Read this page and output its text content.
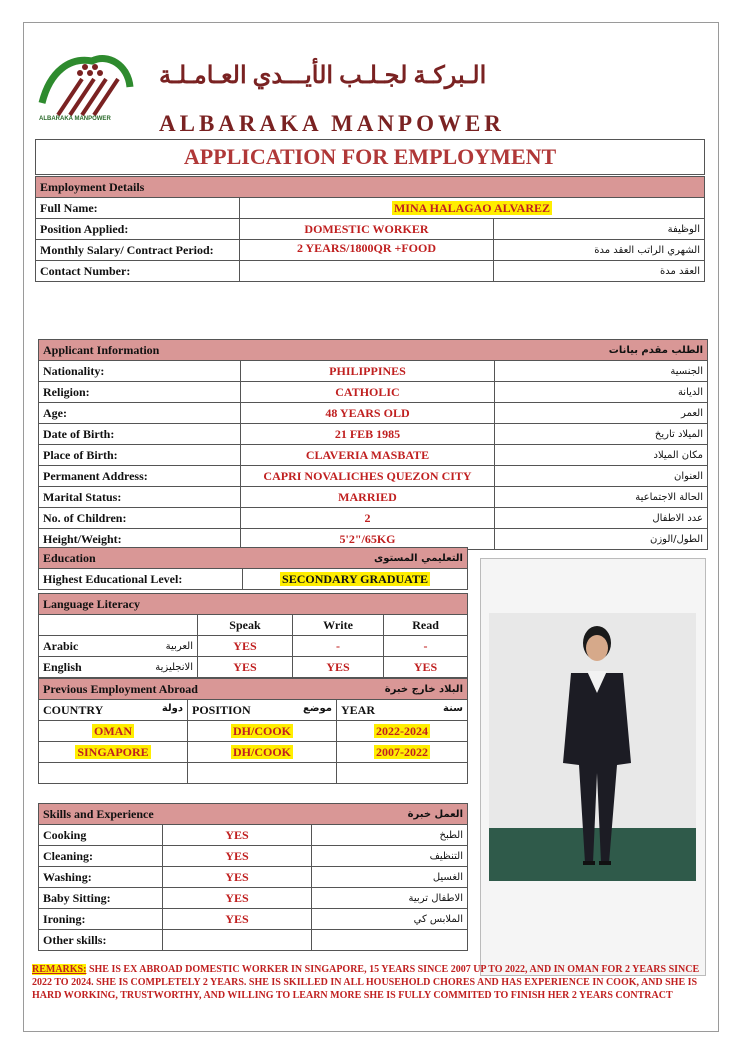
ALBARAKA MANPOWER
الـبركـة لجـلـب الأيـــدي العـامـلـة
ALBARAKA MANPOWER
APPLICATION FOR EMPLOYMENT
Employment Details		
Full Name:	MINA HALAGAO ALVAREZ	
Position Applied:	DOMESTIC WORKER	الوظيفة
Monthly Salary/ Contract Period:	2 YEARS/1800QR +FOOD	الشهري الراتب العقد مدة
Contact Number:		العقد مدة
Applicant Information		الطلب مقدم بيانات
Nationality:	PHILIPPINES	الجنسية
Religion:	CATHOLIC	الديانة
Age:	48 YEARS OLD	العمر
Date of Birth:	21 FEB 1985	الميلاد تاريخ
Place of Birth:	CLAVERIA MASBATE	مكان الميلاد
Permanent Address:	CAPRI NOVALICHES QUEZON CITY	العنوان
Marital Status:	MARRIED	الحالة الاجتماعية
No. of Children:	2	عدد الاطفال
Height/Weight:	5'2"/65KG	الطول/الوزن
Education	التعليمي المستوى
Highest Educational Level:	SECONDARY GRADUATE
Language Literacy				
		Speak	Write	Read
Arabic	العربية	YES	-	-
English	الانجليزية	YES	YES	YES
Previous Employment Abroad		البلاد خارج خبرة
COUNTRY دولة	POSITION موضع	YEAR سنة

OMAN	DH/COOK	2022-2024
SINGAPORE	DH/COOK	2007-2022

Skills and Experience		العمل خبرة
Cooking	YES	الطبخ
Cleaning:	YES	التنظيف
Washing:	YES	الغسيل
Baby Sitting:	YES	الاطفال تربية
Ironing:	YES	الملابس كي
Other skills:		
REMARKS: SHE IS EX ABROAD DOMESTIC WORKER IN SINGAPORE, 15 YEARS SINCE 2007 UP TO 2022, AND IN OMAN FOR 2 YEARS SINCE 2022 TO 2024. SHE IS COMPLETELY 2 YEARS. SHE IS SKILLED IN ALL HOUSEHOLD CHORES AND HAS EXPERIENCE IN COOK, AND SHE IS HARD WORKING, TRUSTWORTHY, AND WILLING TO LEARN MORE SHE IS FULLY COMMITED TO FINISH HER 2 YEARS CONTRACT
